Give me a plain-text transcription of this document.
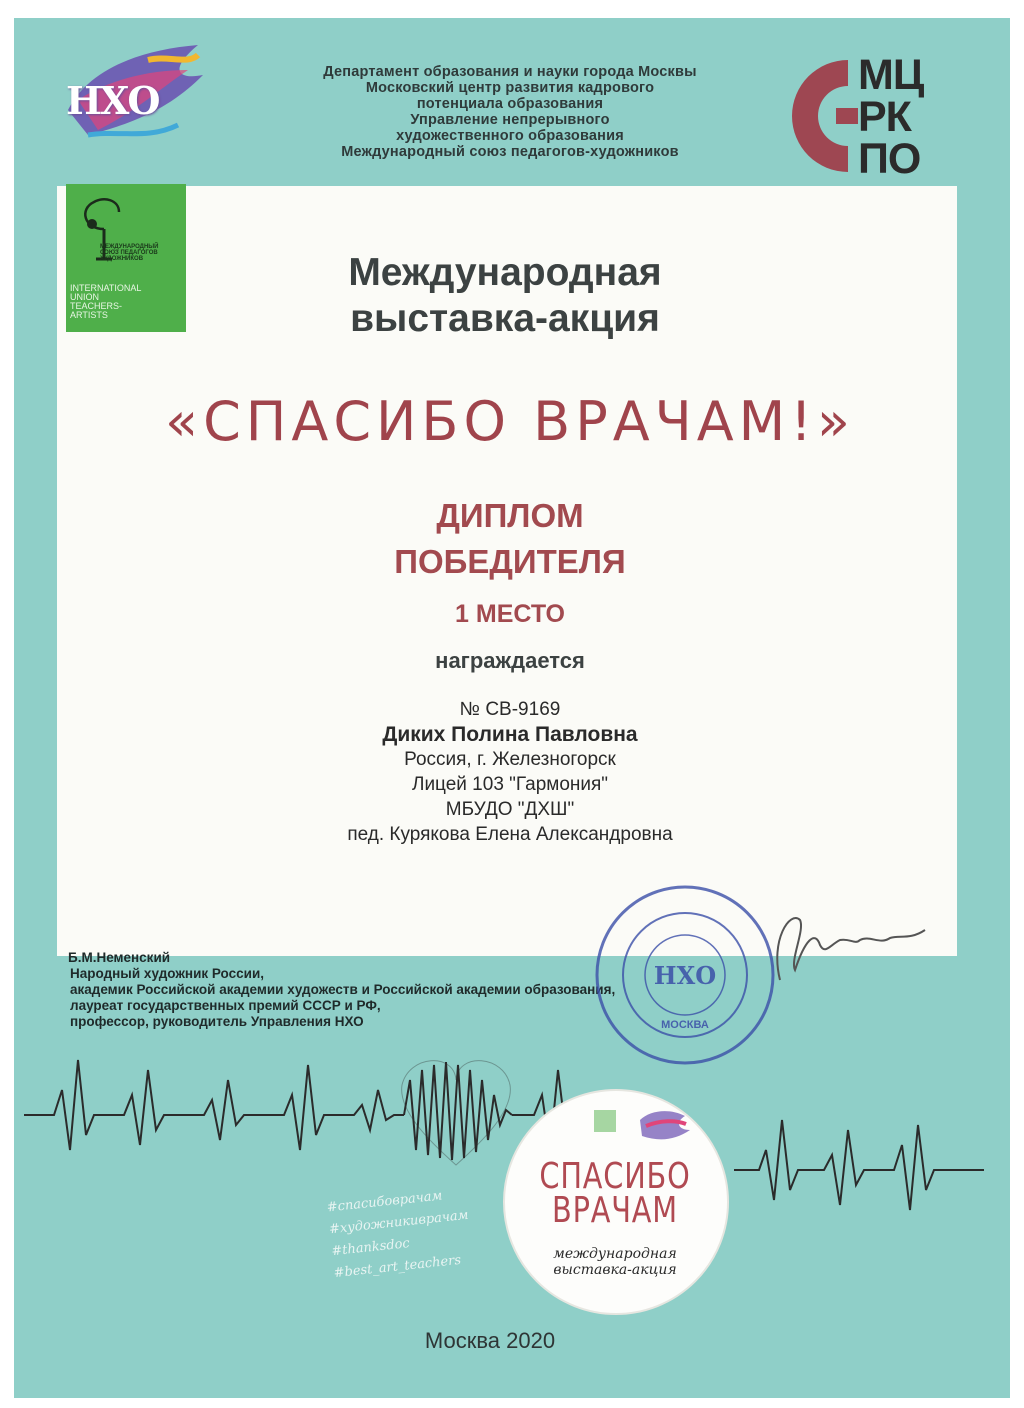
НХО
Департамент образования и науки города Москвы
Московский центр развития кадрового
потенциала образования
Управление непрерывного
художественного образования
Международный союз педагогов-художников
МЦ
РК
ПО
МЕЖДУНАРОДНЫЙ СОЮЗ ПЕДАГОГОВ ХУДОЖНИКОВ
INTERNATIONAL
UNION
TEACHERS-
ARTISTS
Международная
выставка-акция
«СПАСИБО ВРАЧАМ!»
ДИПЛОМ
ПОБЕДИТЕЛЯ
1 МЕСТО
награждается
№ СВ-9169
Диких Полина Павловна
Россия, г. Железногорск
Лицей 103 "Гармония"
МБУДО "ДХШ"
пед. Курякова Елена Александровна
Б.М.Неменский
Народный художник России,
академик Российской академии художеств и Российской академии образования,
лауреат государственных премий СССР и РФ,
профессор, руководитель Управления НХО
НХО
МОСКВА
#спасибоврачам
#художникиврачам
#thanksdoc
#best_art_teachers
СПАСИБО
ВРАЧАМ
международная
выставка-акция
Москва 2020
